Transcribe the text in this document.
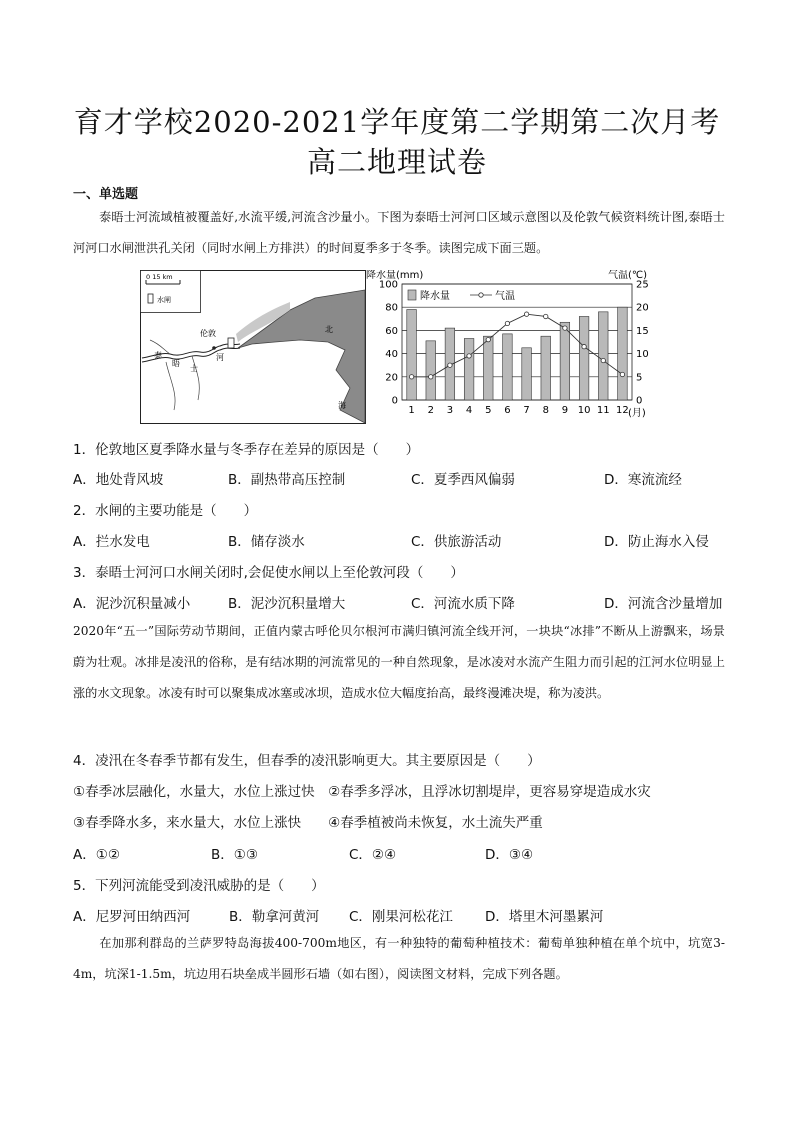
育才学校2020-2021学年度第二学期第二次月考
高二地理试卷
一、单选题
泰晤士河流域植被覆盖好,水流平缓,河流含沙量小。下图为泰晤士河河口区域示意图以及伦敦气候资料统计图,泰晤士河河口水闸泄洪孔关闭（同时水闸上方排洪）的时间夏季多于冬季。读图完成下面三题。
0 15 km
水闸
伦敦
泰
晤
士
河
北
海
降水量(mm)	气温(℃)
0
20
40
60
80
100
0
5
10
15
20
25
1 2 3 4 5 6 7 8 9 10 11 12
降水量	气温
(月)
1．伦敦地区夏季降水量与冬季存在差异的原因是（　　）
A．地处背风坡	B．副热带高压控制	C．夏季西风偏弱	D．寒流流经
2．水闸的主要功能是（　　）
A．拦水发电	B．储存淡水	C．供旅游活动	D．防止海水入侵
3．泰晤士河河口水闸关闭时,会促使水闸以上至伦敦河段（　　）
A．泥沙沉积量减小	B．泥沙沉积量增大	C．河流水质下降	D．河流含沙量增加
2020年“五一”国际劳动节期间，正值内蒙古呼伦贝尔根河市满归镇河流全线开河，一块块“冰排”不断从上游飘来，场景蔚为壮观。冰排是凌汛的俗称，是有结冰期的河流常见的一种自然现象，是冰凌对水流产生阻力而引起的江河水位明显上涨的水文现象。冰凌有时可以聚集成冰塞或冰坝，造成水位大幅度抬高，最终漫滩决堤，称为凌洪。
4．凌汛在冬春季节都有发生，但春季的凌汛影响更大。其主要原因是（　　）
①春季冰层融化，水量大，水位上涨过快　②春季多浮冰，且浮冰切割堤岸，更容易穿堤造成水灾
③春季降水多，来水量大，水位上涨快　　④春季植被尚未恢复，水土流失严重
A．①②	B．①③	C．②④	D．③④
5．下列河流能受到凌汛威胁的是（　　）
A．尼罗河田纳西河	B．勒拿河黄河 C．刚果河松花江 D．塔里木河墨累河
在加那利群岛的兰萨罗特岛海拔400-700m地区，有一种独特的葡萄种植技术：葡萄单独种植在单个坑中，坑宽3-4m，坑深1-1.5m，坑边用石块垒成半圆形石墙（如右图），阅读图文材料，完成下列各题。
